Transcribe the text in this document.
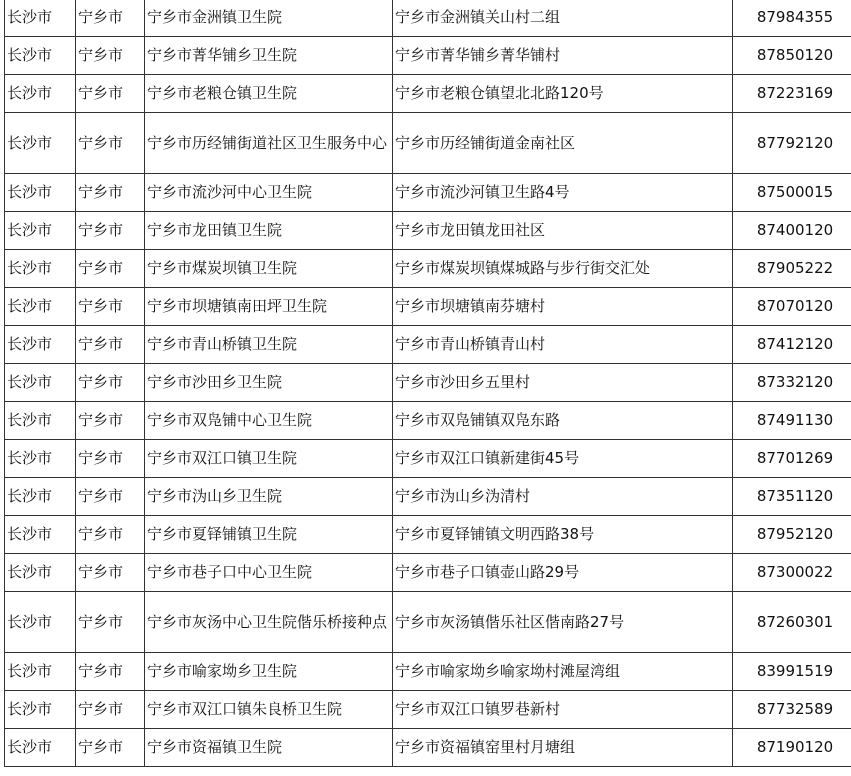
长沙市	宁乡市	宁乡市金洲镇卫生院	宁乡市金洲镇关山村二组	87984355
长沙市	宁乡市	宁乡市菁华铺乡卫生院	宁乡市菁华铺乡菁华铺村	87850120
长沙市	宁乡市	宁乡市老粮仓镇卫生院	宁乡市老粮仓镇望北北路120号	87223169
长沙市	宁乡市	宁乡市历经铺街道社区卫生服务中心	宁乡市历经铺街道金南社区	87792120
长沙市	宁乡市	宁乡市流沙河中心卫生院	宁乡市流沙河镇卫生路4号	87500015
长沙市	宁乡市	宁乡市龙田镇卫生院	宁乡市龙田镇龙田社区	87400120
长沙市	宁乡市	宁乡市煤炭坝镇卫生院	宁乡市煤炭坝镇煤城路与步行街交汇处	87905222
长沙市	宁乡市	宁乡市坝塘镇南田坪卫生院	宁乡市坝塘镇南芬塘村	87070120
长沙市	宁乡市	宁乡市青山桥镇卫生院	宁乡市青山桥镇青山村	87412120
长沙市	宁乡市	宁乡市沙田乡卫生院	宁乡市沙田乡五里村	87332120
长沙市	宁乡市	宁乡市双凫铺中心卫生院	宁乡市双凫铺镇双凫东路	87491130
长沙市	宁乡市	宁乡市双江口镇卫生院	宁乡市双江口镇新建街45号	87701269
长沙市	宁乡市	宁乡市沩山乡卫生院	宁乡市沩山乡沩清村	87351120
长沙市	宁乡市	宁乡市夏铎铺镇卫生院	宁乡市夏铎铺镇文明西路38号	87952120
长沙市	宁乡市	宁乡市巷子口中心卫生院	宁乡市巷子口镇壶山路29号	87300022
长沙市	宁乡市	宁乡市灰汤中心卫生院偕乐桥接种点	宁乡市灰汤镇偕乐社区偕南路27号	87260301
长沙市	宁乡市	宁乡市喻家坳乡卫生院	宁乡市喻家坳乡喻家坳村滩屋湾组	83991519
长沙市	宁乡市	宁乡市双江口镇朱良桥卫生院	宁乡市双江口镇罗巷新村	87732589
长沙市	宁乡市	宁乡市资福镇卫生院	宁乡市资福镇窑里村月塘组	87190120
